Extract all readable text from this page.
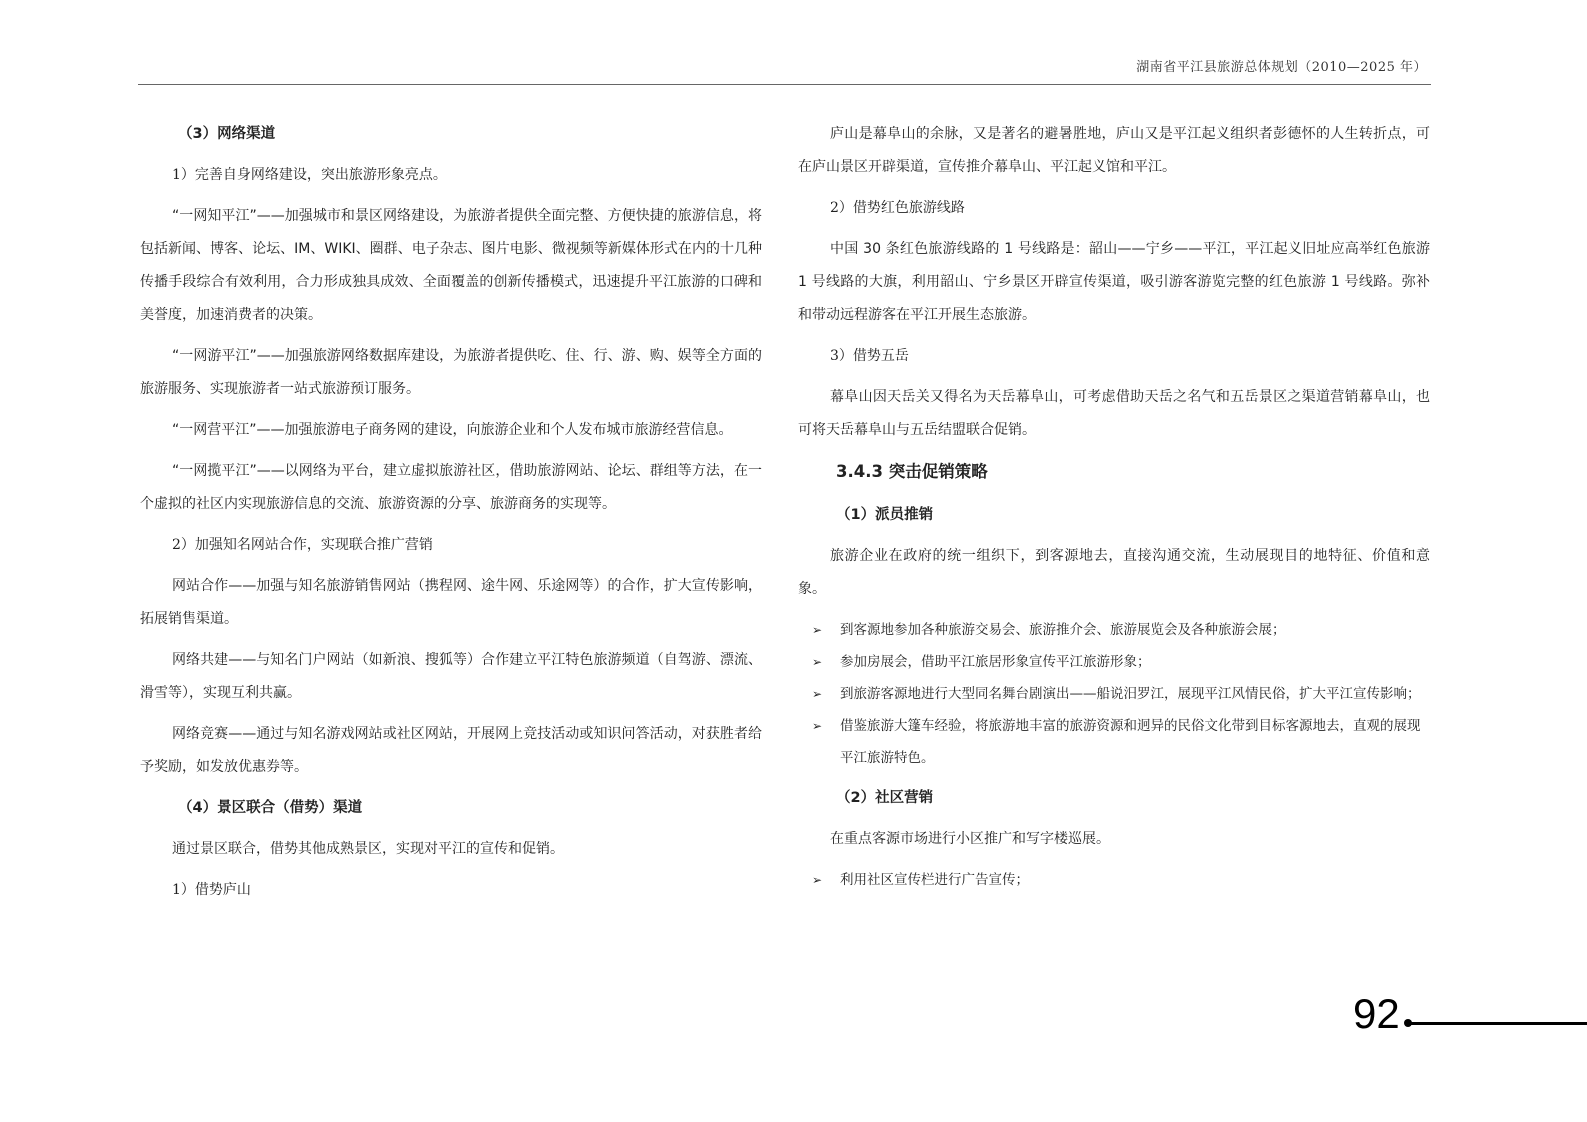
湖南省平江县旅游总体规划（2010—2025 年）
（3）网络渠道
1）完善自身网络建设，突出旅游形象亮点。
“一网知平江”——加强城市和景区网络建设，为旅游者提供全面完整、方便快捷的旅游信息，将包括新闻、博客、论坛、IM、WIKI、圈群、电子杂志、图片电影、微视频等新媒体形式在内的十几种传播手段综合有效利用，合力形成独具成效、全面覆盖的创新传播模式，迅速提升平江旅游的口碑和美誉度，加速消费者的决策。
“一网游平江”——加强旅游网络数据库建设，为旅游者提供吃、住、行、游、购、娱等全方面的旅游服务、实现旅游者一站式旅游预订服务。
“一网营平江”——加强旅游电子商务网的建设，向旅游企业和个人发布城市旅游经营信息。
“一网揽平江”——以网络为平台，建立虚拟旅游社区，借助旅游网站、论坛、群组等方法，在一个虚拟的社区内实现旅游信息的交流、旅游资源的分享、旅游商务的实现等。
2）加强知名网站合作，实现联合推广营销
网站合作——加强与知名旅游销售网站（携程网、途牛网、乐途网等）的合作，扩大宣传影响，拓展销售渠道。
网络共建——与知名门户网站（如新浪、搜狐等）合作建立平江特色旅游频道（自驾游、漂流、滑雪等），实现互利共赢。
网络竞赛——通过与知名游戏网站或社区网站，开展网上竞技活动或知识问答活动，对获胜者给予奖励，如发放优惠券等。
（4）景区联合（借势）渠道
通过景区联合，借势其他成熟景区，实现对平江的宣传和促销。
1）借势庐山
庐山是幕阜山的余脉，又是著名的避暑胜地，庐山又是平江起义组织者彭德怀的人生转折点，可在庐山景区开辟渠道，宣传推介幕阜山、平江起义馆和平江。
2）借势红色旅游线路
中国 30 条红色旅游线路的 1 号线路是：韶山——宁乡——平江，平江起义旧址应高举红色旅游 1 号线路的大旗，利用韶山、宁乡景区开辟宣传渠道，吸引游客游览完整的红色旅游 1 号线路。弥补和带动远程游客在平江开展生态旅游。
3）借势五岳
幕阜山因天岳关又得名为天岳幕阜山，可考虑借助天岳之名气和五岳景区之渠道营销幕阜山，也可将天岳幕阜山与五岳结盟联合促销。
3.4.3 突击促销策略
（1）派员推销
旅游企业在政府的统一组织下，到客源地去，直接沟通交流，生动展现目的地特征、价值和意象。
➢ 到客源地参加各种旅游交易会、旅游推介会、旅游展览会及各种旅游会展；
➢ 参加房展会，借助平江旅居形象宣传平江旅游形象；
➢ 到旅游客源地进行大型同名舞台剧演出——船说汨罗江，展现平江风情民俗，扩大平江宣传影响；
➢ 借鉴旅游大篷车经验，将旅游地丰富的旅游资源和迥异的民俗文化带到目标客源地去，直观的展现平江旅游特色。
（2）社区营销
在重点客源市场进行小区推广和写字楼巡展。
➢ 利用社区宣传栏进行广告宣传；
92
